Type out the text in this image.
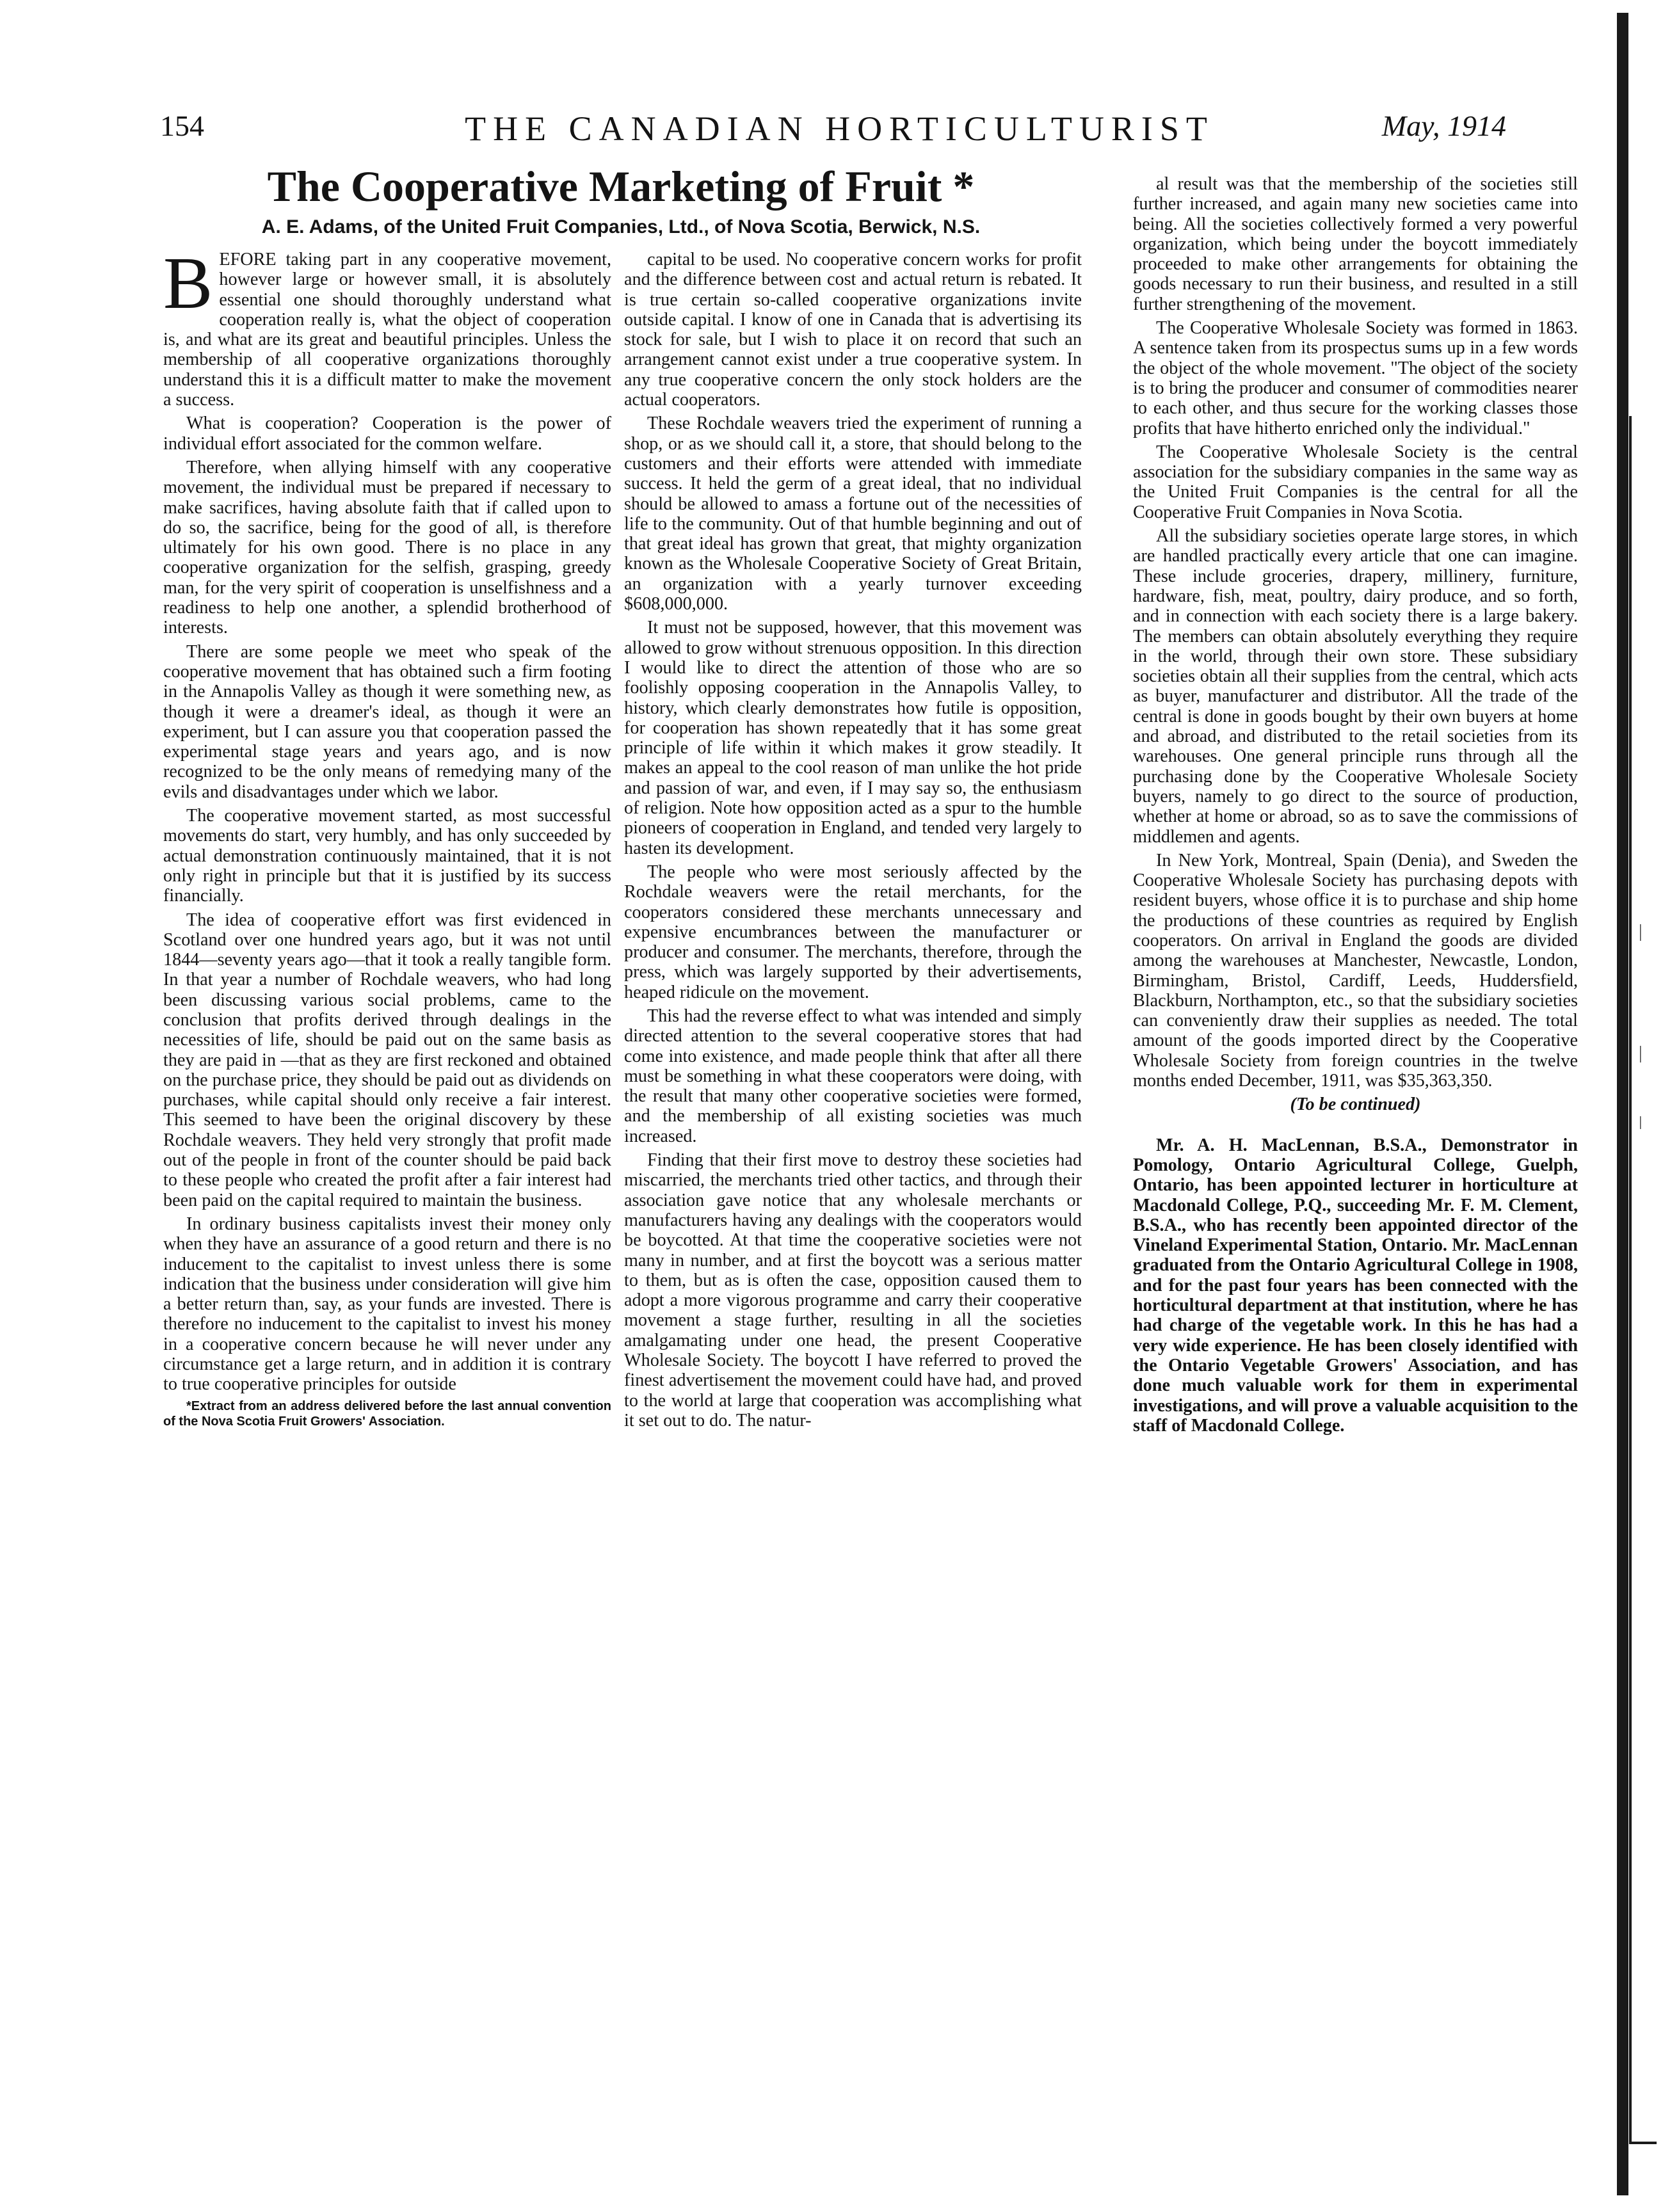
THE CANADIAN HORTICULTURIST
154	May, 1914
The Cooperative Marketing of Fruit *
A. E. Adams, of the United Fruit Companies, Ltd., of Nova Scotia, Berwick, N.S.

BEFORE taking part in any cooperative movement, however large or however small, it is absolutely essential one should thoroughly understand what cooperation really is, what the object of cooperation is, and what are its great and beautiful principles. Unless the membership of all cooperative organizations thoroughly understand this it is a difficult matter to make the movement a success.

What is cooperation? Cooperation is the power of individual effort associated for the common welfare.

Therefore, when allying himself with any cooperative movement, the individual must be prepared if necessary to make sacrifices, having absolute faith that if called upon to do so, the sacrifice, being for the good of all, is therefore ultimately for his own good. There is no place in any cooperative organization for the selfish, grasping, greedy man, for the very spirit of cooperation is unselfishness and a readiness to help one another, a splendid brotherhood of interests.

There are some people we meet who speak of the cooperative movement that has obtained such a firm footing in the Annapolis Valley as though it were something new, as though it were a dreamer's ideal, as though it were an experiment, but I can assure you that cooperation passed the experimental stage years and years ago, and is now recognized to be the only means of remedying many of the evils and disadvantages under which we labor.

The cooperative movement started, as most successful movements do start, very humbly, and has only succeeded by actual demonstration continuously maintained, that it is not only right in principle but that it is justified by its success financially.

The idea of cooperative effort was first evidenced in Scotland over one hundred years ago, but it was not until 1844—seventy years ago—that it took a really tangible form. In that year a number of Rochdale weavers, who had long been discussing various social problems, came to the conclusion that profits derived through dealings in the necessities of life, should be paid out on the same basis as they are paid in —that as they are first reckoned and obtained on the purchase price, they should be paid out as dividends on purchases, while capital should only receive a fair interest. This seemed to have been the original discovery by these Rochdale weavers. They held very strongly that profit made out of the people in front of the counter should be paid back to these people who created the profit after a fair interest had been paid on the capital required to maintain the business.

In ordinary business capitalists invest their money only when they have an assurance of a good return and there is no inducement to the capitalist to invest unless there is some indication that the business under consideration will give him a better return than, say, as your funds are invested. There is therefore no inducement to the capitalist to invest his money in a cooperative concern because he will never under any circumstance get a large return, and in addition it is contrary to true cooperative principles for outside

*Extract from an address delivered before the last annual convention of the Nova Scotia Fruit Growers' Association.

capital to be used. No cooperative concern works for profit and the difference between cost and actual return is rebated. It is true certain so-called cooperative organizations invite outside capital. I know of one in Canada that is advertising its stock for sale, but I wish to place it on record that such an arrangement cannot exist under a true cooperative system. In any true cooperative concern the only stock holders are the actual cooperators.

These Rochdale weavers tried the experiment of running a shop, or as we should call it, a store, that should belong to the customers and their efforts were attended with immediate success. It held the germ of a great ideal, that no individual should be allowed to amass a fortune out of the necessities of life to the community. Out of that humble beginning and out of that great ideal has grown that great, that mighty organization known as the Wholesale Cooperative Society of Great Britain, an organization with a yearly turnover exceeding $608,000,000.

It must not be supposed, however, that this movement was allowed to grow without strenuous opposition. In this direction I would like to direct the attention of those who are so foolishly opposing cooperation in the Annapolis Valley, to history, which clearly demonstrates how futile is opposition, for cooperation has shown repeatedly that it has some great principle of life within it which makes it grow steadily. It makes an appeal to the cool reason of man unlike the hot pride and passion of war, and even, if I may say so, the enthusiasm of religion. Note how opposition acted as a spur to the humble pioneers of cooperation in England, and tended very largely to hasten its development.

The people who were most seriously affected by the Rochdale weavers were the retail merchants, for the cooperators considered these merchants unnecessary and expensive encumbrances between the manufacturer or producer and consumer. The merchants, therefore, through the press, which was largely supported by their advertisements, heaped ridicule on the movement.

This had the reverse effect to what was intended and simply directed attention to the several cooperative stores that had come into existence, and made people think that after all there must be something in what these cooperators were doing, with the result that many other cooperative societies were formed, and the membership of all existing societies was much increased.

Finding that their first move to destroy these societies had miscarried, the merchants tried other tactics, and through their association gave notice that any wholesale merchants or manufacturers having any dealings with the cooperators would be boycotted. At that time the cooperative societies were not many in number, and at first the boycott was a serious matter to them, but as is often the case, opposition caused them to adopt a more vigorous programme and carry their cooperative movement a stage further, resulting in all the societies amalgamating under one head, the present Cooperative Wholesale Society. The boycott I have referred to proved the finest advertisement the movement could have had, and proved to the world at large that cooperation was accomplishing what it set out to do. The natur-

al result was that the membership of the societies still further increased, and again many new societies came into being. All the societies collectively formed a very powerful organization, which being under the boycott immediately proceeded to make other arrangements for obtaining the goods necessary to run their business, and resulted in a still further strengthening of the movement.

The Cooperative Wholesale Society was formed in 1863. A sentence taken from its prospectus sums up in a few words the object of the whole movement. "The object of the society is to bring the producer and consumer of commodities nearer to each other, and thus secure for the working classes those profits that have hitherto enriched only the individual."

The Cooperative Wholesale Society is the central association for the subsidiary companies in the same way as the United Fruit Companies is the central for all the Cooperative Fruit Companies in Nova Scotia.

All the subsidiary societies operate large stores, in which are handled practically every article that one can imagine. These include groceries, drapery, millinery, furniture, hardware, fish, meat, poultry, dairy produce, and so forth, and in connection with each society there is a large bakery. The members can obtain absolutely everything they require in the world, through their own store. These subsidiary societies obtain all their supplies from the central, which acts as buyer, manufacturer and distributor. All the trade of the central is done in goods bought by their own buyers at home and abroad, and distributed to the retail societies from its warehouses. One general principle runs through all the purchasing done by the Cooperative Wholesale Society buyers, namely to go direct to the source of production, whether at home or abroad, so as to save the commissions of middlemen and agents.

In New York, Montreal, Spain (Denia), and Sweden the Cooperative Wholesale Society has purchasing depots with resident buyers, whose office it is to purchase and ship home the productions of these countries as required by English cooperators. On arrival in England the goods are divided among the warehouses at Manchester, Newcastle, London, Birmingham, Bristol, Cardiff, Leeds, Huddersfield, Blackburn, Northampton, etc., so that the subsidiary societies can conveniently draw their supplies as needed. The total amount of the goods imported direct by the Cooperative Wholesale Society from foreign countries in the twelve months ended December, 1911, was $35,363,350.

(To be continued)

Mr. A. H. MacLennan, B.S.A., Demonstrator in Pomology, Ontario Agricultural College, Guelph, Ontario, has been appointed lecturer in horticulture at Macdonald College, P.Q., succeeding Mr. F. M. Clement, B.S.A., who has recently been appointed director of the Vineland Experimental Station, Ontario. Mr. MacLennan graduated from the Ontario Agricultural College in 1908, and for the past four years has been connected with the horticultural department at that institution, where he has had charge of the vegetable work. In this he has had a very wide experience. He has been closely identified with the Ontario Vegetable Growers' Association, and has done much valuable work for them in experimental investigations, and will prove a valuable acquisition to the staff of Macdonald College.

|
|
ǀ
